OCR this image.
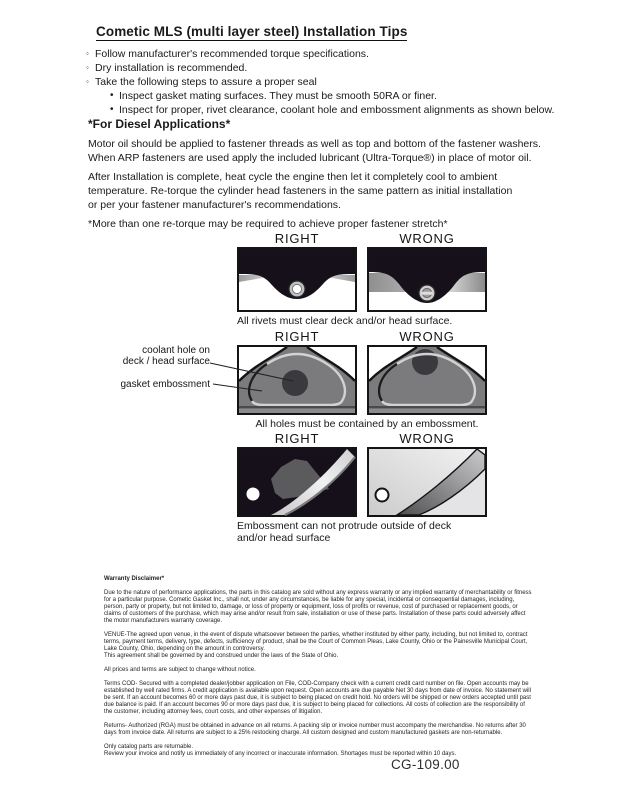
Cometic MLS (multi layer steel) Installation Tips
◦ Follow manufacturer's recommended torque specifications.
◦ Dry installation is recommended.
◦ Take the following steps to assure a proper seal
• Inspect gasket mating surfaces. They must be smooth 50RA or finer.
• Inspect for proper, rivet clearance, coolant hole and embossment alignments as shown below.
*For Diesel Applications*

Motor oil should be applied to fastener threads as well as top and bottom of the fastener washers.
When ARP fasteners are used apply the included lubricant (Ultra-Torque®) in place of motor oil.

After Installation is complete, heat cycle the engine then let it completely cool to ambient
temperature. Re-torque the cylinder head fasteners in the same pattern as initial installation
or per your fastener manufacturer's recommendations.

*More than one re-torque may be required to achieve proper fastener stretch*

RIGHT	WRONG
All rivets must clear deck and/or head surface.
RIGHT	WRONG
All holes must be contained by an embossment.
coolant hole on
deck / head surface
gasket embossment
RIGHT	WRONG
Embossment can not protrude outside of deck
and/or head surface
Warranty Disclaimer*

Due to the nature of performance applications, the parts in this catalog are sold without any express warranty or any implied warranty of merchantability or fitness for a particular purpose. Cometic Gasket Inc., shall not, under any circumstances, be liable for any special, incidental or consequential damages, including, person, party or property, but not limited to, damage, or loss of property or equipment, loss of profits or revenue, cost of purchased or replacement goods, or claims of customers of the purchase, which may arise and/or result from sale, installation or use of these parts. Installation of these parts could adversely affect the motor manufacturers warranty coverage.

VENUE-The agreed upon venue, in the event of dispute whatsoever between the parties, whether instituted by either party, including, but not limited to, contract terms, payment terms, delivery, type, defects, sufficiency of product, shall be the Court of Common Pleas, Lake County, Ohio or the Painesville Municipal Court, Lake County, Ohio, depending on the amount in controversy.

This agreement shall be governed by and construed under the laws of the State of Ohio.

All prices and terms are subject to change without notice.

Terms COD- Secured with a completed dealer/jobber application on File, COD-Company check with a current credit card number on file. Open accounts may be established by well rated firms. A credit application is available upon request. Open accounts are due payable Net 30 days from date of invoice. No statement will be sent. If an account becomes 60 or more days past due, it is subject to being placed on credit hold. No orders will be shipped or new orders accepted until past due balance is paid. If an account becomes 90 or more days past due, it is subject to being placed for collections. All costs of collection are the responsibility of the customer, including attorney fees, court costs, and other expenses of litigation.

Returns- Authorized (RGA) must be obtained in advance on all returns. A packing slip or invoice number must accompany the merchandise. No returns after 30 days from invoice date. All returns are subject to a 25% restocking charge. All custom designed and custom manufactured gaskets are non-returnable.

Only catalog parts are returnable.

Review your invoice and notify us immediately of any incorrect or inaccurate information. Shortages must be reported within 10 days.

CG-109.00
